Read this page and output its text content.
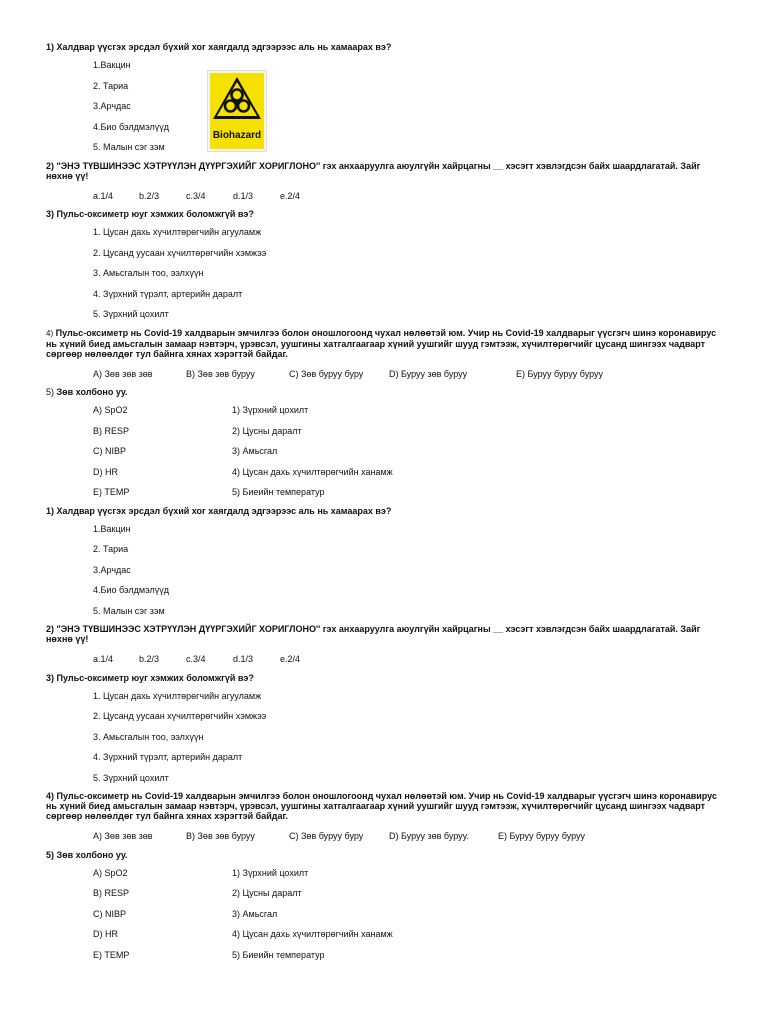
Biohazard

1) Халдвар үүсгэх эрсдэл бүхий хог хаягдалд эдгээрээс аль нь хамаарах вэ?

1.Вакцин
2. Тариа
3.Арчдас
4.Био бэлдмэлүүд
5. Малын сэг зэм

2) "ЭНЭ ТҮВШИНЭЭС ХЭТРҮҮЛЭН ДҮҮРГЭХИЙГ ХОРИГЛОНО'' гэх анхааруулга аюулгүйн хайрцагны __ хэсэгт хэвлэгдсэн байх шаардлагатай. Зайг нөхнө үү!

a.1/4	b.2/3	c.3/4	d.1/3	e.2/4

3) Пульс-оксиметр юуг хэмжих боломжгүй вэ?

1. Цусан дахь хүчилтөрөгчийн агууламж
2. Цусанд уусаан хүчилтөрөгчийн хэмжээ
3. Амьсгалын тоо, ээлхүүн
4. Зүрхний түрэлт, артерийн даралт
5. Зүрхний цохилт

4) Пульс-оксиметр нь Covid-19 халдварын эмчилгээ болон оношлогоонд чухал нөлөөтэй юм. Учир нь Covid-19 халдварыг үүсгэгч шинэ коронавирус нь хүний биед амьсгалын замаар нэвтэрч, үрэвсэл, уушгины хатгалгаагаар хүний уушгийг шууд гэмтээж, хүчилтөрөгчийг цусанд шингээх чадварт сөргөөр нөлөөлдөг тул байнга хянах хэрэгтэй байдаг.

A) Зөв зөв зөв	B) Зөв зөв буруу	C) Зөв буруу буру	D) Буруу зөв буруу	E) Буруу буруу буруу

5) Зөв холбоно уу.

A) SpO2	1) Зүрхний цохилт
B) RESP	2) Цусны даралт
C) NIBP	3) Амьсгал
D) HR	4) Цусан дахь хүчилтөрөгчийн ханамж
E) TEMP	5) Биеийн температур

1) Халдвар үүсгэх эрсдэл бүхий хог хаягдалд эдгээрээс аль нь хамаарах вэ?

1.Вакцин
2. Тариа
3.Арчдас
4.Био бэлдмэлүүд
5. Малын сэг зэм

2) "ЭНЭ ТҮВШИНЭЭС ХЭТРҮҮЛЭН ДҮҮРГЭХИЙГ ХОРИГЛОНО'' гэх анхааруулга аюулгүйн хайрцагны __ хэсэгт хэвлэгдсэн байх шаардлагатай. Зайг нөхнө үү!

a.1/4	b.2/3	c.3/4	d.1/3	e.2/4

3) Пульс-оксиметр юуг хэмжих боломжгүй вэ?

1. Цусан дахь хүчилтөрөгчийн агууламж
2. Цусанд уусаан хүчилтөрөгчийн хэмжээ
3. Амьсгалын тоо, ээлхүүн
4. Зүрхний түрэлт, артерийн даралт
5. Зүрхний цохилт

4) Пульс-оксиметр нь Covid-19 халдварын эмчилгээ болон оношлогоонд чухал нөлөөтэй юм. Учир нь Covid-19 халдварыг үүсгэгч шинэ коронавирус нь хүний биед амьсгалын замаар нэвтэрч, үрэвсэл, уушгины хатгалгаагаар хүний уушгийг шууд гэмтээж, хүчилтөрөгчийг цусанд шингээх чадварт сөргөөр нөлөөлдөг тул байнга хянах хэрэгтэй байдаг.

A) Зөв зөв зөв	B) Зөв зөв буруу	C) Зөв буруу буру	D) Буруу зөв буруу.	E) Буруу буруу буруу

5) Зөв холбоно уу.

A) SpO2	1) Зүрхний цохилт
B) RESP	2) Цусны даралт
C) NIBP	3) Амьсгал
D) HR	4) Цусан дахь хүчилтөрөгчийн ханамж
E) TEMP	5) Биеийн температур
